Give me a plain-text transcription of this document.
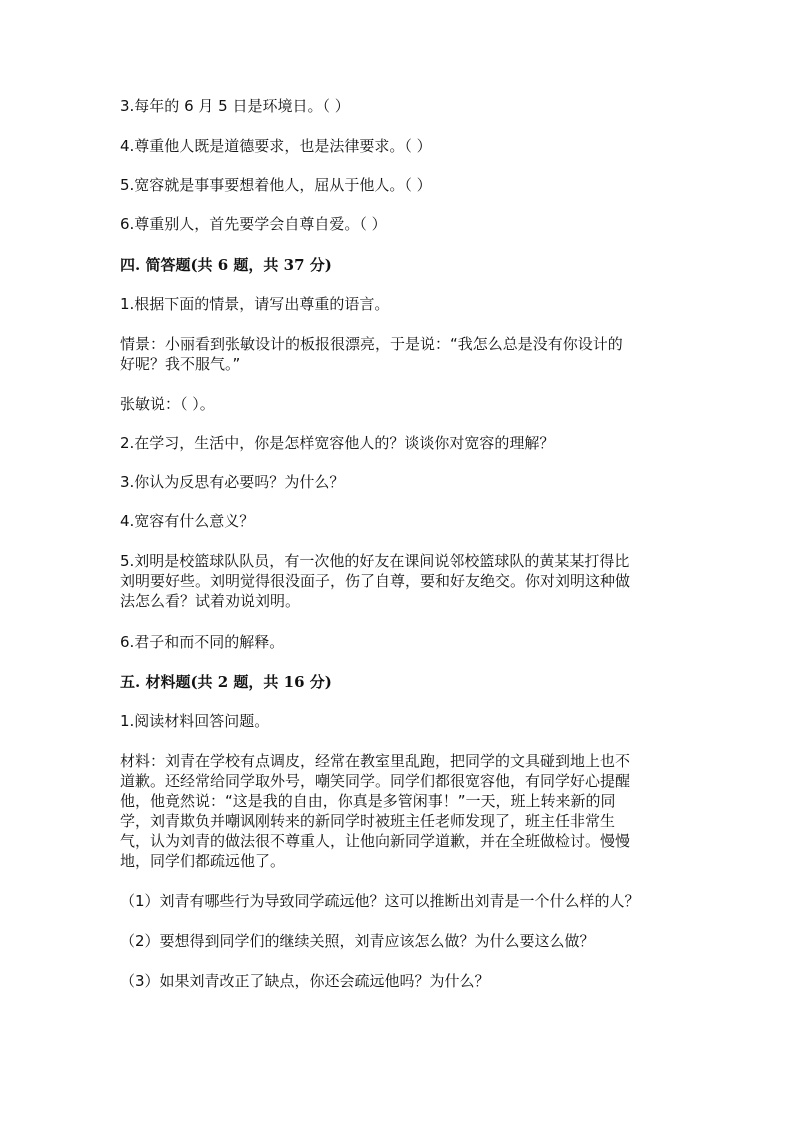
3.每年的 6 月 5 日是环境日。（ ）
4.尊重他人既是道德要求，也是法律要求。（ ）
5.宽容就是事事要想着他人，屈从于他人。（ ）
6.尊重别人，首先要学会自尊自爱。（ ）
四. 简答题(共 6 题，共 37 分)
1.根据下面的情景，请写出尊重的语言。
情景：小丽看到张敏设计的板报很漂亮，于是说：“我怎么总是没有你设计的
好呢？我不服气。”
张敏说：（ ）。
2.在学习，生活中，你是怎样宽容他人的？谈谈你对宽容的理解？
3.你认为反思有必要吗？为什么？
4.宽容有什么意义？
5.刘明是校篮球队队员，有一次他的好友在课间说邻校篮球队的黄某某打得比
刘明要好些。刘明觉得很没面子，伤了自尊，要和好友绝交。你对刘明这种做
法怎么看？试着劝说刘明。
6.君子和而不同的解释。
五. 材料题(共 2 题，共 16 分)
1.阅读材料回答问题。
材料：刘青在学校有点调皮，经常在教室里乱跑，把同学的文具碰到地上也不
道歉。还经常给同学取外号，嘲笑同学。同学们都很宽容他，有同学好心提醒
他，他竟然说：“这是我的自由，你真是多管闲事！”一天，班上转来新的同
学，刘青欺负并嘲讽刚转来的新同学时被班主任老师发现了，班主任非常生
气，认为刘青的做法很不尊重人，让他向新同学道歉，并在全班做检讨。慢慢
地，同学们都疏远他了。
（1）刘青有哪些行为导致同学疏远他？这可以推断出刘青是一个什么样的人？
（2）要想得到同学们的继续关照，刘青应该怎么做？为什么要这么做？
（3）如果刘青改正了缺点，你还会疏远他吗？为什么？
